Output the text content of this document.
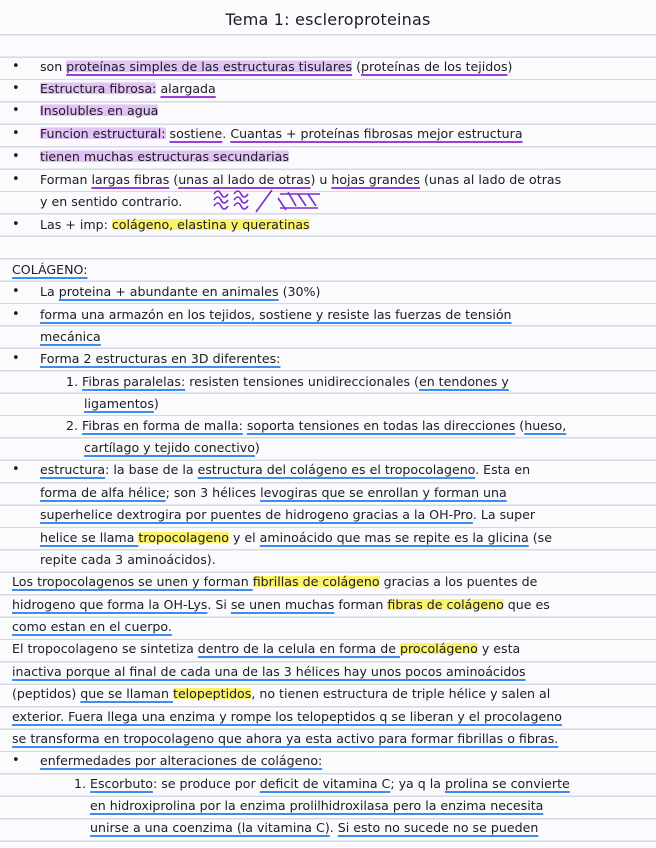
Tema 1: escleroproteinas
• son proteínas simples de las estructuras tisulares (proteínas de los tejidos)
• Estructura fibrosa: alargada
• Insolubles en agua
• Funcion estructural: sostiene. Cuantas + proteínas fibrosas mejor estructura
• tienen muchas estructuras secundarias
• Forman largas fibras (unas al lado de otras) u hojas grandes (unas al lado de otras
y en sentido contrario.
• Las + imp: colágeno, elastina y queratinas
COLÁGENO:
• La proteina + abundante en animales (30%)
• forma una armazón en los tejidos, sostiene y resiste las fuerzas de tensión
mecánica
• Forma 2 estructuras en 3D diferentes:
1. Fibras paralelas: resisten tensiones unidireccionales (en tendones y
ligamentos)
2. Fibras en forma de malla: soporta tensiones en todas las direcciones (hueso,
cartílago y tejido conectivo)
• estructura: la base de la estructura del colágeno es el tropocolageno. Esta en
forma de alfa hélice; son 3 hélices levogiras que se enrollan y forman una
superhelice dextrogira por puentes de hidrogeno gracias a la OH-Pro. La super
helice se llama tropocolageno y el aminoácido que mas se repite es la glicina (se
repite cada 3 aminoácidos).
Los tropocolagenos se unen y forman fibrillas de colágeno gracias a los puentes de
hidrogeno que forma la OH-Lys. Si se unen muchas forman fibras de colágeno que es
como estan en el cuerpo.
El tropocolageno se sintetiza dentro de la celula en forma de procolágeno y esta
inactiva porque al final de cada una de las 3 hélices hay unos pocos aminoácidos
(peptidos) que se llaman telopeptidos, no tienen estructura de triple hélice y salen al
exterior. Fuera llega una enzima y rompe los telopeptidos q se liberan y el procolageno
se transforma en tropocolageno que ahora ya esta activo para formar fibrillas o fibras.
• enfermedades por alteraciones de colágeno:
1. Escorbuto: se produce por deficit de vitamina C; ya q la prolina se convierte
en hidroxiprolina por la enzima prolilhidroxilasa pero la enzima necesita
unirse a una coenzima (la vitamina C). Si esto no sucede no se pueden
